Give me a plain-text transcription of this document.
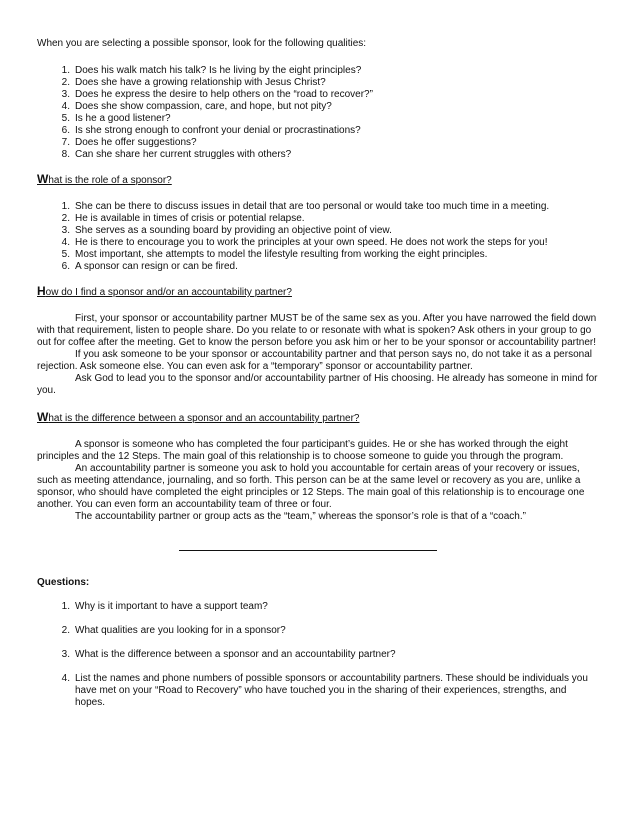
When you are selecting a possible sponsor, look for the following qualities:

1. Does his walk match his talk? Is he living by the eight principles?
2. Does she have a growing relationship with Jesus Christ?
3. Does he express the desire to help others on the “road to recover?”
4. Does she show compassion, care, and hope, but not pity?
5. Is he a good listener?
6. Is she strong enough to confront your denial or procrastinations?
7. Does he offer suggestions?
8. Can she share her current struggles with others?
What is the role of a sponsor?
1. She can be there to discuss issues in detail that are too personal or would take too much time in a meeting.
2. He is available in times of crisis or potential relapse.
3. She serves as a sounding board by providing an objective point of view.
4. He is there to encourage you to work the principles at your own speed. He does not work the steps for you!
5. Most important, she attempts to model the lifestyle resulting from working the eight principles.
6. A sponsor can resign or can be fired.
How do I find a sponsor and/or an accountability partner?

First, your sponsor or accountability partner MUST be of the same sex as you. After you have narrowed the field down with that requirement, listen to people share. Do you relate to or resonate with what is spoken? Ask others in your group to go out for coffee after the meeting. Get to know the person before you ask him or her to be your sponsor or accountability partner!

If you ask someone to be your sponsor or accountability partner and that person says no, do not take it as a personal rejection. Ask someone else. You can even ask for a “temporary” sponsor or accountability partner.

Ask God to lead you to the sponsor and/or accountability partner of His choosing. He already has someone in mind for you.

What is the difference between a sponsor and an accountability partner?

A sponsor is someone who has completed the four participant’s guides. He or she has worked through the eight principles and the 12 Steps. The main goal of this relationship is to choose someone to guide you through the program.

An accountability partner is someone you ask to hold you accountable for certain areas of your recovery or issues, such as meeting attendance, journaling, and so forth. This person can be at the same level or recovery as you are, unlike a sponsor, who should have completed the eight principles or 12 Steps. The main goal of this relationship is to encourage one another. You can even form an accountability team of three or four.

The accountability partner or group acts as the “team,” whereas the sponsor’s role is that of a “coach.”

Questions:
1. Why is it important to have a support team?
2. What qualities are you looking for in a sponsor?
3. What is the difference between a sponsor and an accountability partner?
4. List the names and phone numbers of possible sponsors or accountability partners. These should be individuals you have met on your “Road to Recovery” who have touched you in the sharing of their experiences, strengths, and hopes.
